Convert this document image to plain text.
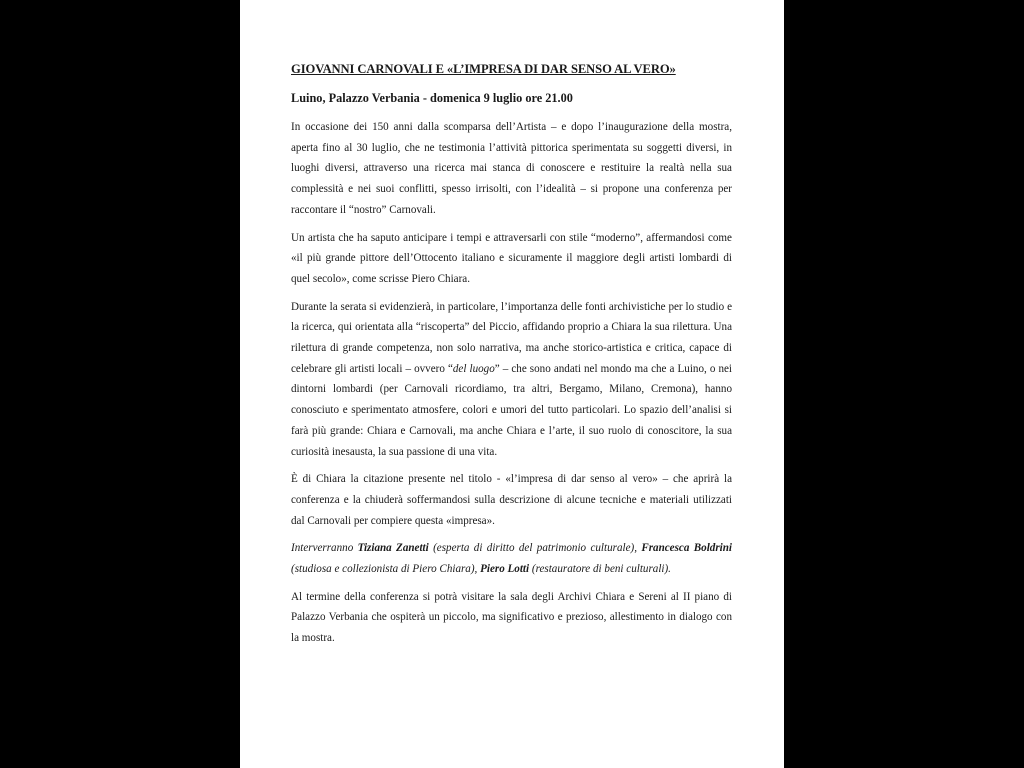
GIOVANNI CARNOVALI E «L’IMPRESA DI DAR SENSO AL VERO»
Luino, Palazzo Verbania - domenica 9 luglio ore 21.00

In occasione dei 150 anni dalla scomparsa dell’Artista – e dopo l’inaugurazione della mostra, aperta fino al 30 luglio, che ne testimonia l’attività pittorica sperimentata su soggetti diversi, in luoghi diversi, attraverso una ricerca mai stanca di conoscere e restituire la realtà nella sua complessità e nei suoi conflitti, spesso irrisolti, con l’idealità – si propone una conferenza per raccontare il “nostro” Carnovali.

Un artista che ha saputo anticipare i tempi e attraversarli con stile “moderno”, affermandosi come «il più grande pittore dell’Ottocento italiano e sicuramente il maggiore degli artisti lombardi di quel secolo», come scrisse Piero Chiara.

Durante la serata si evidenzierà, in particolare, l’importanza delle fonti archivistiche per lo studio e la ricerca, qui orientata alla “riscoperta” del Piccio, affidando proprio a Chiara la sua rilettura. Una rilettura di grande competenza, non solo narrativa, ma anche storico-artistica e critica, capace di celebrare gli artisti locali – ovvero “del luogo” – che sono andati nel mondo ma che a Luino, o nei dintorni lombardi (per Carnovali ricordiamo, tra altri, Bergamo, Milano, Cremona), hanno conosciuto e sperimentato atmosfere, colori e umori del tutto particolari. Lo spazio dell’analisi si farà più grande: Chiara e Carnovali, ma anche Chiara e l’arte, il suo ruolo di conoscitore, la sua curiosità inesausta, la sua passione di una vita.

È di Chiara la citazione presente nel titolo - «l’impresa di dar senso al vero» – che aprirà la conferenza e la chiuderà soffermandosi sulla descrizione di alcune tecniche e materiali utilizzati dal Carnovali per compiere questa «impresa».

Interverranno Tiziana Zanetti (esperta di diritto del patrimonio culturale), Francesca Boldrini (studiosa e collezionista di Piero Chiara), Piero Lotti (restauratore di beni culturali).

Al termine della conferenza si potrà visitare la sala degli Archivi Chiara e Sereni al II piano di Palazzo Verbania che ospiterà un piccolo, ma significativo e prezioso, allestimento in dialogo con la mostra.
